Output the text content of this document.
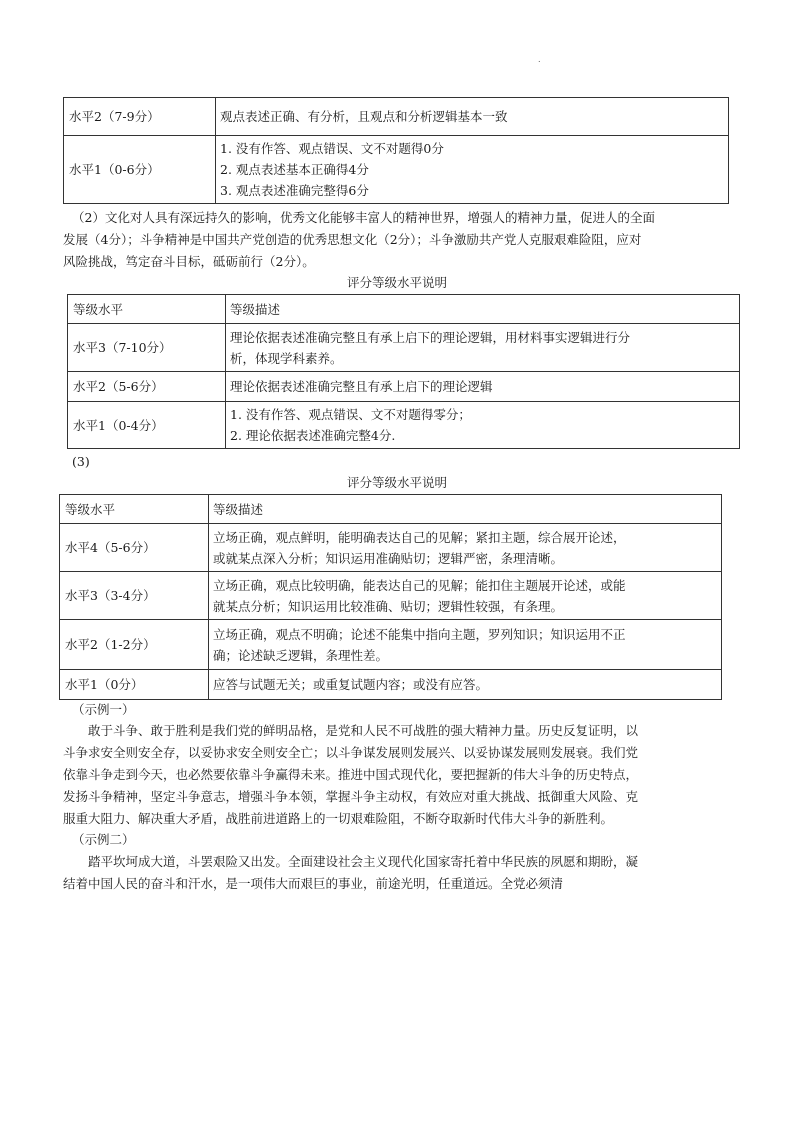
.
水平2（7-9分）	观点表述正确、有分析，且观点和分析逻辑基本一致

水平1（0-6分）	1. 没有作答、观点错误、文不对题得0分
2. 观点表述基本正确得4分
3. 观点表述准确完整得6分
（2）文化对人具有深远持久的影响，优秀文化能够丰富人的精神世界，增强人的精神力量，促进人的全面
发展（4分）；斗争精神是中国共产党创造的优秀思想文化（2分）；斗争激励共产党人克服艰难险阻，应对
风险挑战，笃定奋斗目标，砥砺前行（2分）。
评分等级水平说明
等级水平	等级描述
水平3（7-10分）	理论依据表述准确完整且有承上启下的理论逻辑，用材料事实逻辑进行分
析，体现学科素养。

水平2（5-6分）	理论依据表述准确完整且有承上启下的理论逻辑

水平1（0-4分）	1. 没有作答、观点错误、文不对题得零分；
2. 理论依据表述准确完整4分.
(3)
评分等级水平说明
等级水平	等级描述
水平4（5-6分）	立场正确，观点鲜明，能明确表达自己的见解；紧扣主题，综合展开论述，
或就某点深入分析；知识运用准确贴切；逻辑严密，条理清晰。

水平3（3-4分）	立场正确，观点比较明确，能表达自己的见解；能扣住主题展开论述，或能
就某点分析；知识运用比较准确、贴切；逻辑性较强，有条理。

水平2（1-2分）	立场正确，观点不明确；论述不能集中指向主题，罗列知识；知识运用不正
确；论述缺乏逻辑，条理性差。

水平1（0分）	应答与试题无关；或重复试题内容；或没有应答。
（示例一）
敢于斗争、敢于胜利是我们党的鲜明品格，是党和人民不可战胜的强大精神力量。历史反复证明，以
斗争求安全则安全存，以妥协求安全则安全亡；以斗争谋发展则发展兴、以妥协谋发展则发展衰。我们党
依靠斗争走到今天，也必然要依靠斗争赢得未来。推进中国式现代化，要把握新的伟大斗争的历史特点，
发扬斗争精神，坚定斗争意志，增强斗争本领，掌握斗争主动权，有效应对重大挑战、抵御重大风险、克
服重大阻力、解决重大矛盾，战胜前进道路上的一切艰难险阻，不断夺取新时代伟大斗争的新胜利。
（示例二）
踏平坎坷成大道，斗罢艰险又出发。全面建设社会主义现代化国家寄托着中华民族的夙愿和期盼，凝
结着中国人民的奋斗和汗水，是一项伟大而艰巨的事业，前途光明，任重道远。全党必须清
